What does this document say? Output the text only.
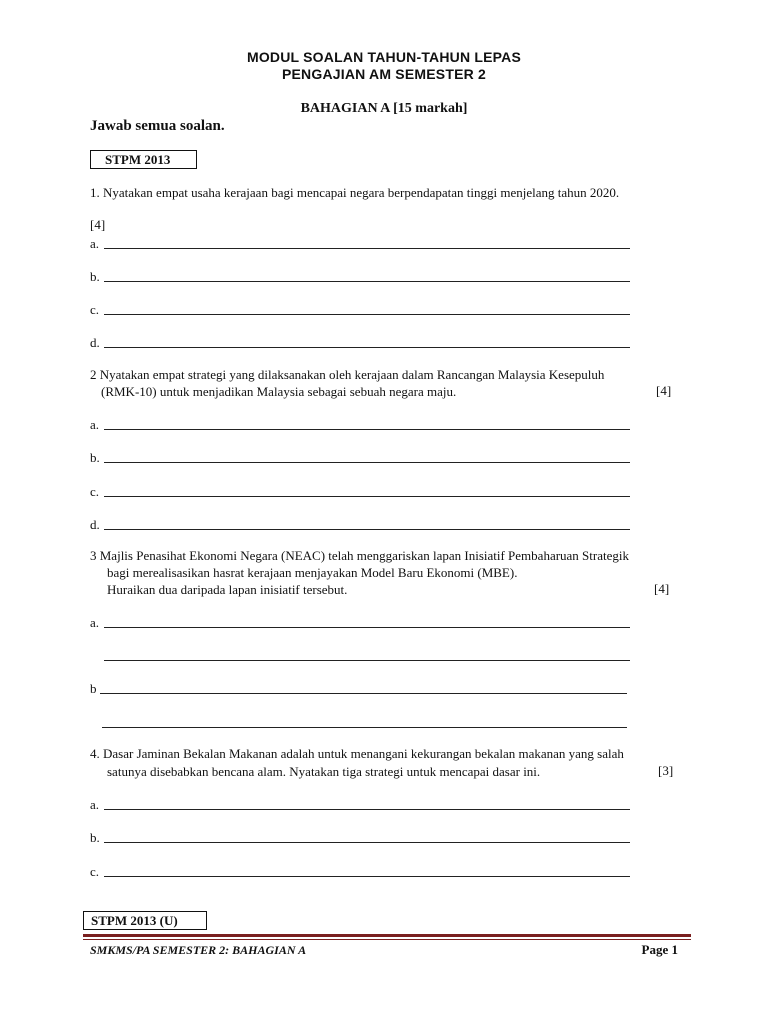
MODUL SOALAN TAHUN-TAHUN LEPAS
PENGAJIAN AM SEMESTER 2
BAHAGIAN A [15 markah]
Jawab semua soalan.
STPM 2013
1. Nyatakan empat usaha kerajaan bagi mencapai negara berpendapatan tinggi menjelang tahun 2020.
[4]
a.
b.
c.
d.
2 Nyatakan empat strategi yang dilaksanakan oleh kerajaan dalam Rancangan Malaysia Kesepuluh
(RMK-10) untuk menjadikan Malaysia sebagai sebuah negara maju.	[4]
a.
b.
c.
d.
3 Majlis Penasihat Ekonomi Negara (NEAC) telah menggariskan lapan Inisiatif Pembaharuan Strategik
bagi merealisasikan hasrat kerajaan menjayakan Model Baru Ekonomi (MBE).
Huraikan dua daripada lapan inisiatif tersebut.	[4]
a.
b
4. Dasar Jaminan Bekalan Makanan adalah untuk menangani kekurangan bekalan makanan yang salah
satunya disebabkan bencana alam. Nyatakan tiga strategi untuk mencapai dasar ini.	[3]
a.
b.
c.
STPM 2013 (U)
SMKMS/PA SEMESTER 2: BAHAGIAN A	Page 1
